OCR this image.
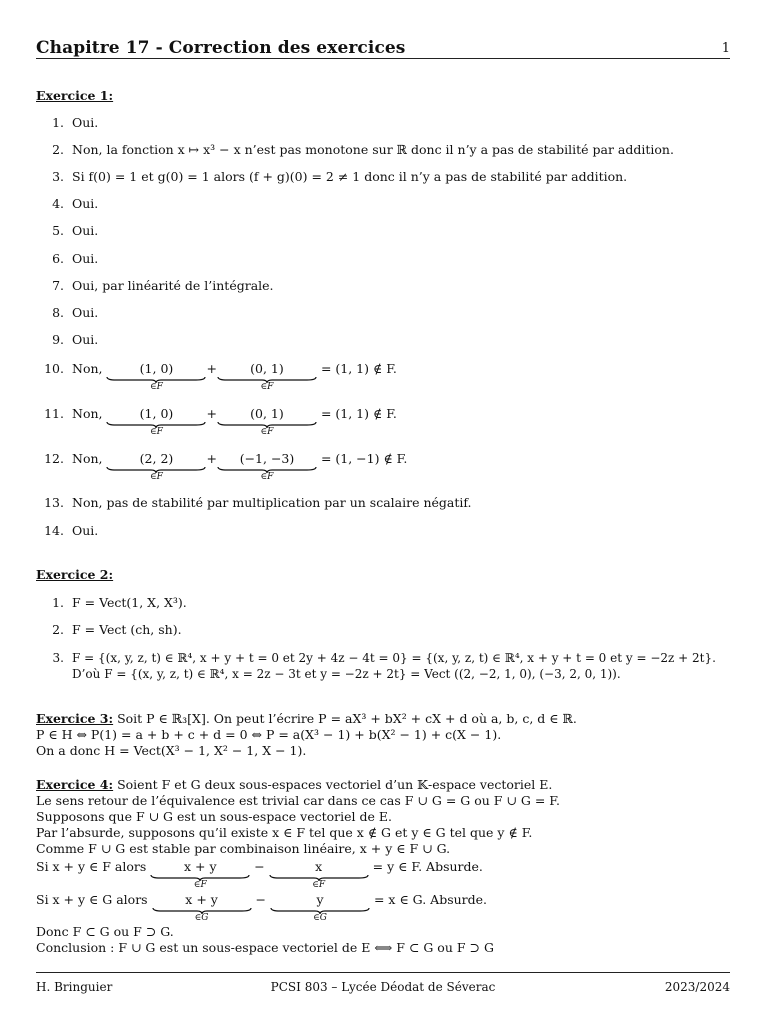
Chapitre 17 - Correction des exercices	1
Exercice 1:
1. Oui.
2. Non, la fonction x ↦ x³ − x n’est pas monotone sur ℝ donc il n’y a pas de stabilité par addition.
3. Si f(0) = 1 et g(0) = 1 alors (f + g)(0) = 2 ≠ 1 donc il n’y a pas de stabilité par addition.
4. Oui.
5. Oui.
6. Oui.
7. Oui, par linéarité de l’intégrale.
8. Oui.
9. Oui.
10. Non,	(1, 0)
∈F
+	(0, 1)
∈F
= (1, 1) ∉ F.
11. Non,	(1, 0)
∈F
+	(0, 1)
∈F
= (1, 1) ∉ F.
12. Non,	(2, 2)
∈F
+	(−1, −3)
∈F
= (1, −1) ∉ F.
13. Non, pas de stabilité par multiplication par un scalaire négatif.
14. Oui.
Exercice 2:
1. F = Vect(1, X, X³).
2. F = Vect (ch, sh).
3. F = {(x, y, z, t) ∈ ℝ⁴, x + y + t = 0 et 2y + 4z − 4t = 0} = {(x, y, z, t) ∈ ℝ⁴, x + y + t = 0 et y = −2z + 2t}.
D’où F = {(x, y, z, t) ∈ ℝ⁴, x = 2z − 3t et y = −2z + 2t} = Vect ((2, −2, 1, 0), (−3, 2, 0, 1)).
Exercice 3: Soit P ∈ ℝ₃[X]. On peut l’écrire P = aX³ + bX² + cX + d où a, b, c, d ∈ ℝ.
P ∈ H ⇔ P(1) = a + b + c + d = 0 ⇔ P = a(X³ − 1) + b(X² − 1) + c(X − 1).
On a donc H = Vect(X³ − 1, X² − 1, X − 1).
Exercice 4: Soient F et G deux sous-espaces vectoriel d’un 𝕂-espace vectoriel E.
Le sens retour de l’équivalence est trivial car dans ce cas F ∪ G = G ou F ∪ G = F.
Supposons que F ∪ G est un sous-espace vectoriel de E.
Par l’absurde, supposons qu’il existe x ∈ F tel que x ∉ G et y ∈ G tel que y ∉ F.
Comme F ∪ G est stable par combinaison linéaire, x + y ∈ F ∪ G.
Si x + y ∈ F alors	x + y
∈F
−	x
∈F
= y ∈ F. Absurde.
Si x + y ∈ G alors	x + y
∈G
−	y
∈G
= x ∈ G. Absurde.
Donc F ⊂ G ou F ⊃ G.
Conclusion : F ∪ G est un sous-espace vectoriel de E ⟺ F ⊂ G ou F ⊃ G
H. Bringuier	PCSI 803 – Lycée Déodat de Séverac	2023/2024
